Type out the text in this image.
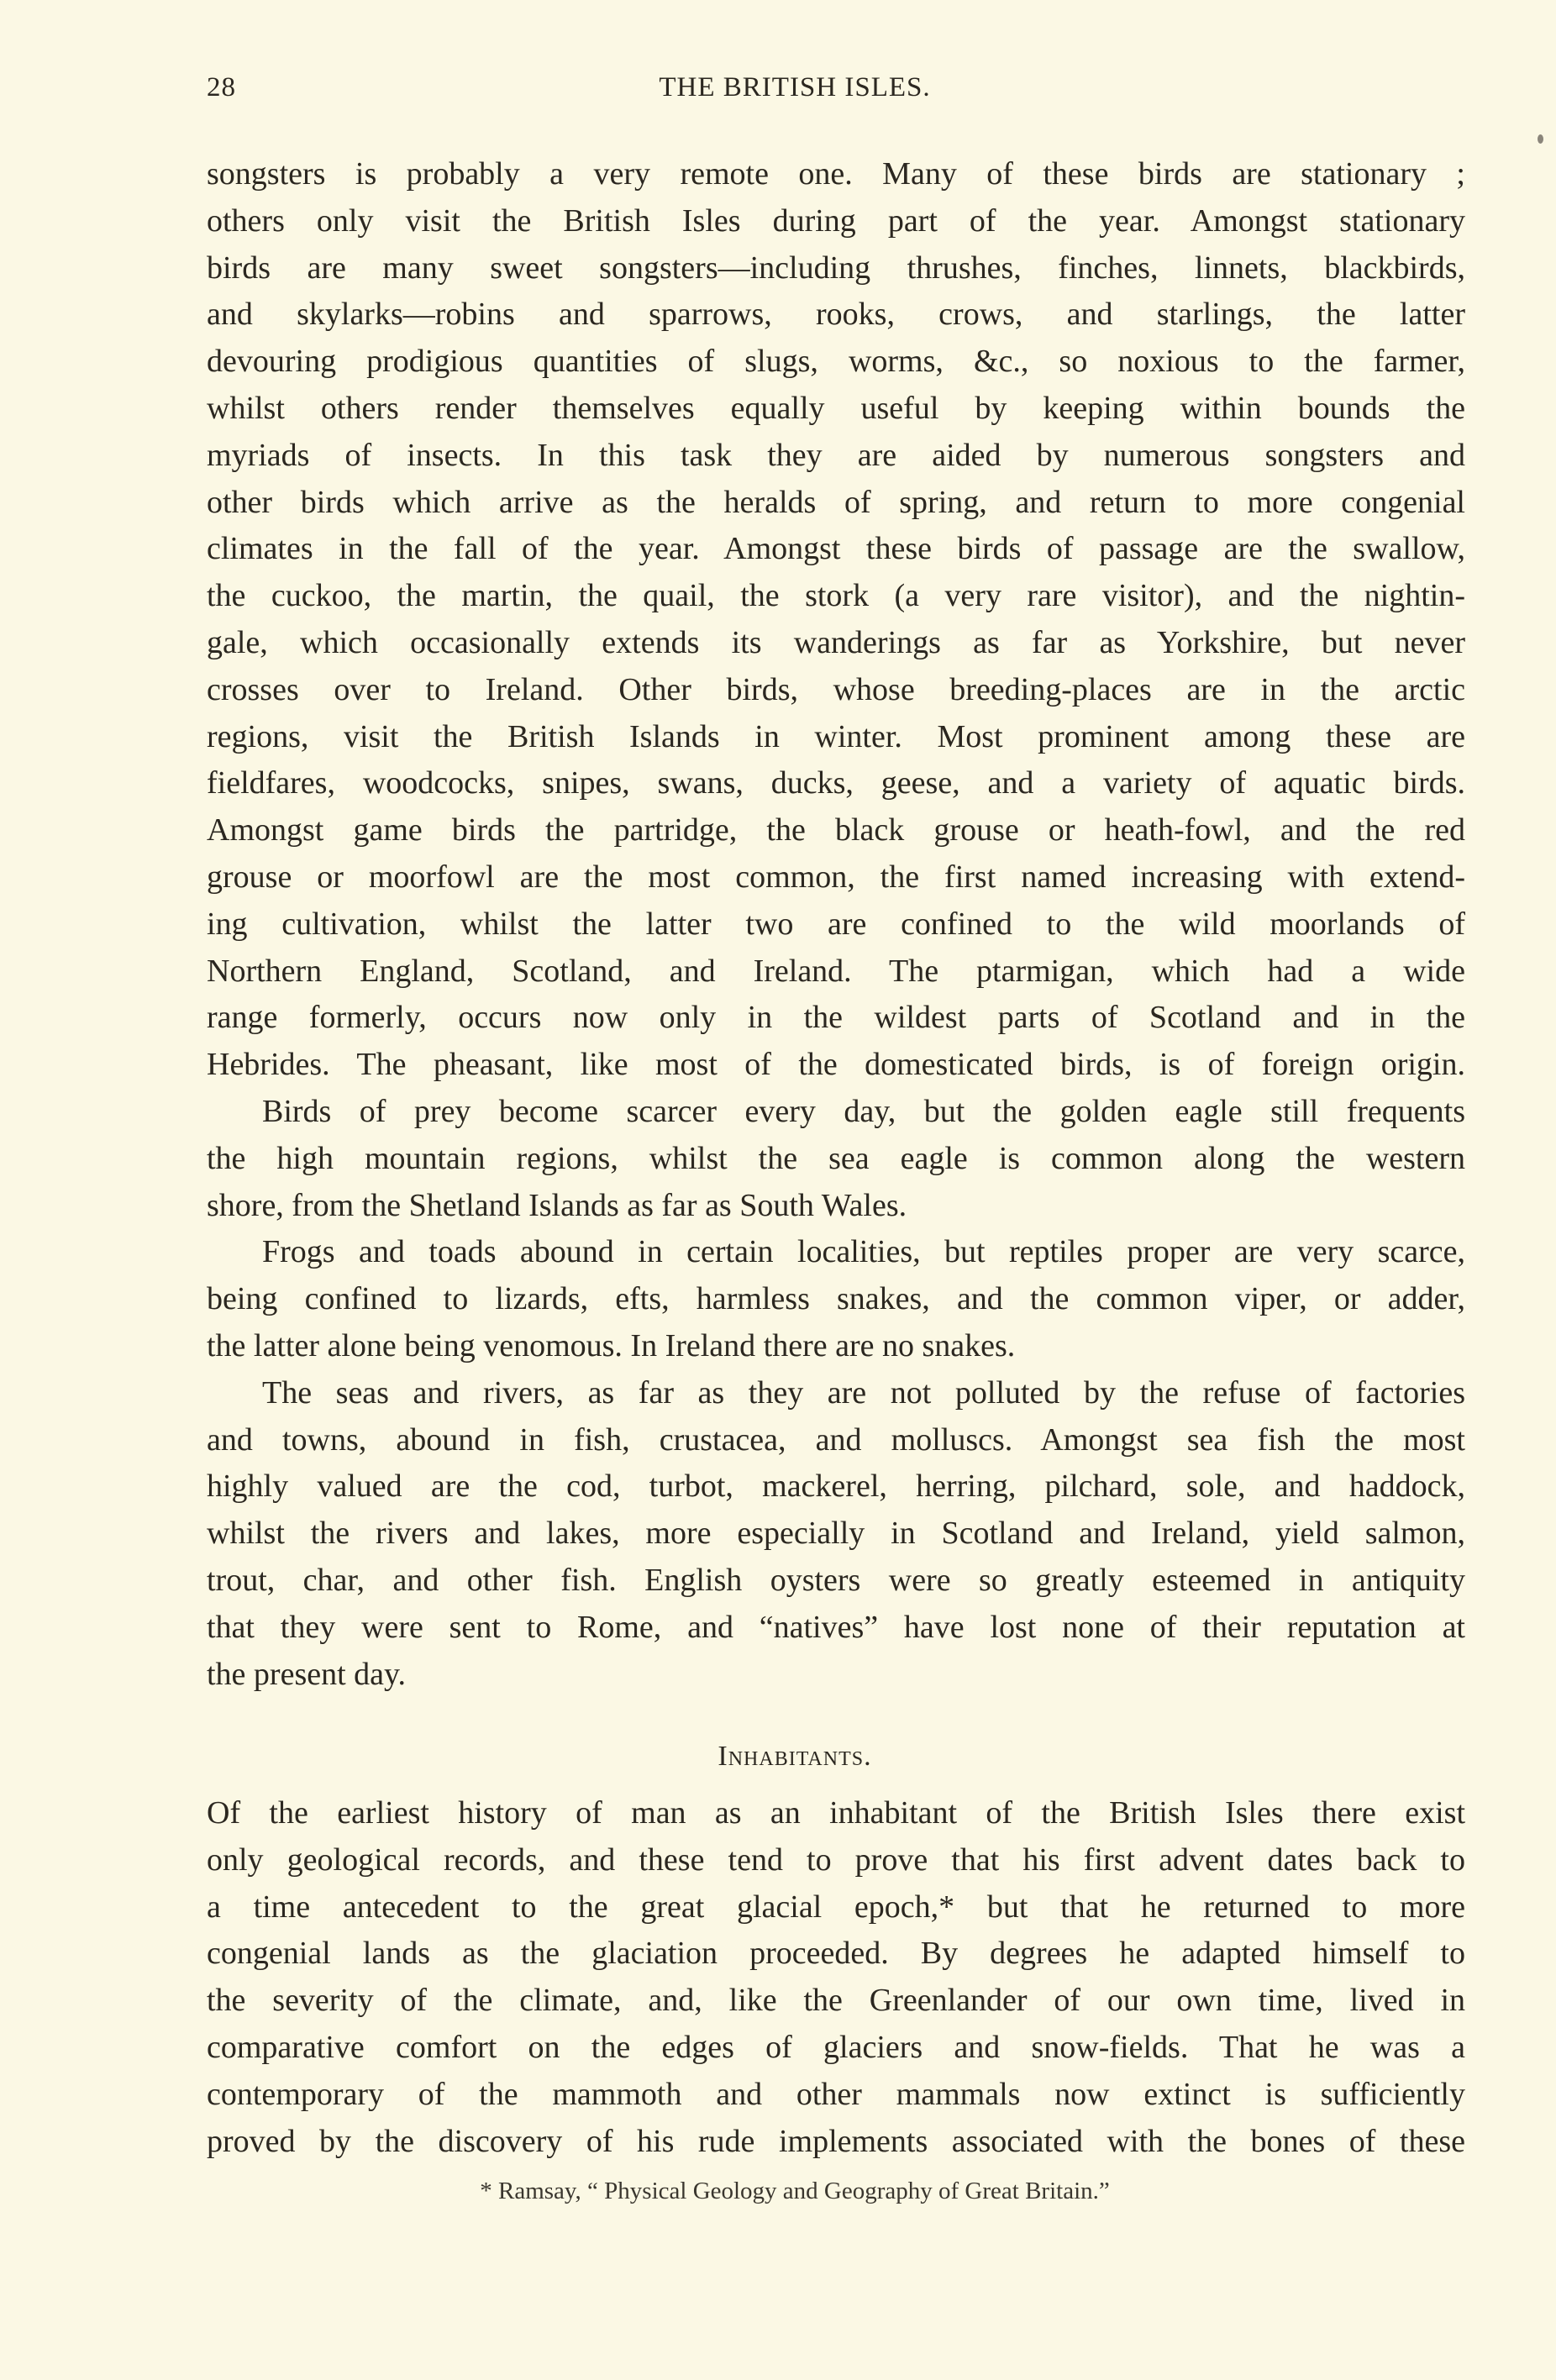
28	THE BRITISH ISLES.
songsters is probably a very remote one. Many of these birds are stationary ;
others only visit the British Isles during part of the year. Amongst stationary
birds are many sweet songsters—including thrushes, finches, linnets, blackbirds,
and skylarks—robins and sparrows, rooks, crows, and starlings, the latter
devouring prodigious quantities of slugs, worms, &c., so noxious to the farmer,
whilst others render themselves equally useful by keeping within bounds the
myriads of insects. In this task they are aided by numerous songsters and
other birds which arrive as the heralds of spring, and return to more congenial
climates in the fall of the year. Amongst these birds of passage are the swallow,
the cuckoo, the martin, the quail, the stork (a very rare visitor), and the nightin-
gale, which occasionally extends its wanderings as far as Yorkshire, but never
crosses over to Ireland. Other birds, whose breeding-places are in the arctic
regions, visit the British Islands in winter. Most prominent among these are
fieldfares, woodcocks, snipes, swans, ducks, geese, and a variety of aquatic birds.
Amongst game birds the partridge, the black grouse or heath-fowl, and the red
grouse or moorfowl are the most common, the first named increasing with extend-
ing cultivation, whilst the latter two are confined to the wild moorlands of
Northern England, Scotland, and Ireland. The ptarmigan, which had a wide
range formerly, occurs now only in the wildest parts of Scotland and in the
Hebrides. The pheasant, like most of the domesticated birds, is of foreign origin.
Birds of prey become scarcer every day, but the golden eagle still frequents
the high mountain regions, whilst the sea eagle is common along the western
shore, from the Shetland Islands as far as South Wales.
Frogs and toads abound in certain localities, but reptiles proper are very scarce,
being confined to lizards, efts, harmless snakes, and the common viper, or adder,
the latter alone being venomous. In Ireland there are no snakes.
The seas and rivers, as far as they are not polluted by the refuse of factories
and towns, abound in fish, crustacea, and molluscs. Amongst sea fish the most
highly valued are the cod, turbot, mackerel, herring, pilchard, sole, and haddock,
whilst the rivers and lakes, more especially in Scotland and Ireland, yield salmon,
trout, char, and other fish. English oysters were so greatly esteemed in antiquity
that they were sent to Rome, and “natives” have lost none of their reputation at
the present day.
Inhabitants.
Of the earliest history of man as an inhabitant of the British Isles there exist
only geological records, and these tend to prove that his first advent dates back to
a time antecedent to the great glacial epoch,* but that he returned to more
congenial lands as the glaciation proceeded. By degrees he adapted himself to
the severity of the climate, and, like the Greenlander of our own time, lived in
comparative comfort on the edges of glaciers and snow-fields. That he was a
contemporary of the mammoth and other mammals now extinct is sufficiently
proved by the discovery of his rude implements associated with the bones of these
* Ramsay, “ Physical Geology and Geography of Great Britain.”
